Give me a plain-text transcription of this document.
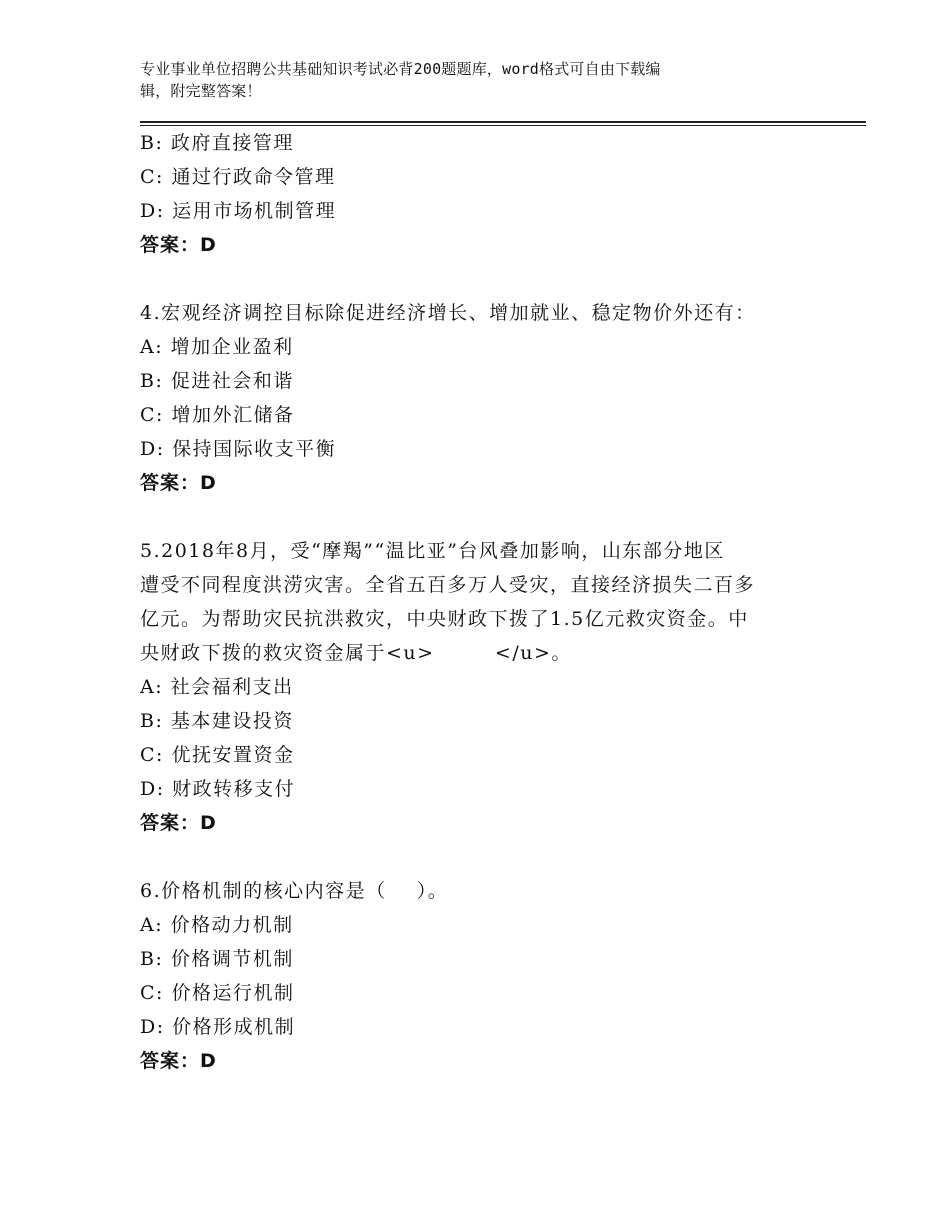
专业事业单位招聘公共基础知识考试必背200题题库，word格式可自由下载编
辑，附完整答案！
B: 政府直接管理
C: 通过行政命令管理
D: 运用市场机制管理
答案：D
4.宏观经济调控目标除促进经济增长、增加就业、稳定物价外还有：
A: 增加企业盈利
B: 促进社会和谐
C: 增加外汇储备
D: 保持国际收支平衡
答案：D
5.2018年8月，受“摩羯”“温比亚”台风叠加影响，山东部分地区
遭受不同程度洪涝灾害。全省五百多万人受灾，直接经济损失二百多
亿元。为帮助灾民抗洪救灾，中央财政下拨了1.5亿元救灾资金。中
央财政下拨的救灾资金属于<u>        </u>。
A: 社会福利支出
B: 基本建设投资
C: 优抚安置资金
D: 财政转移支付
答案：D
6.价格机制的核心内容是（    ）。
A: 价格动力机制
B: 价格调节机制
C: 价格运行机制
D: 价格形成机制
答案：D
